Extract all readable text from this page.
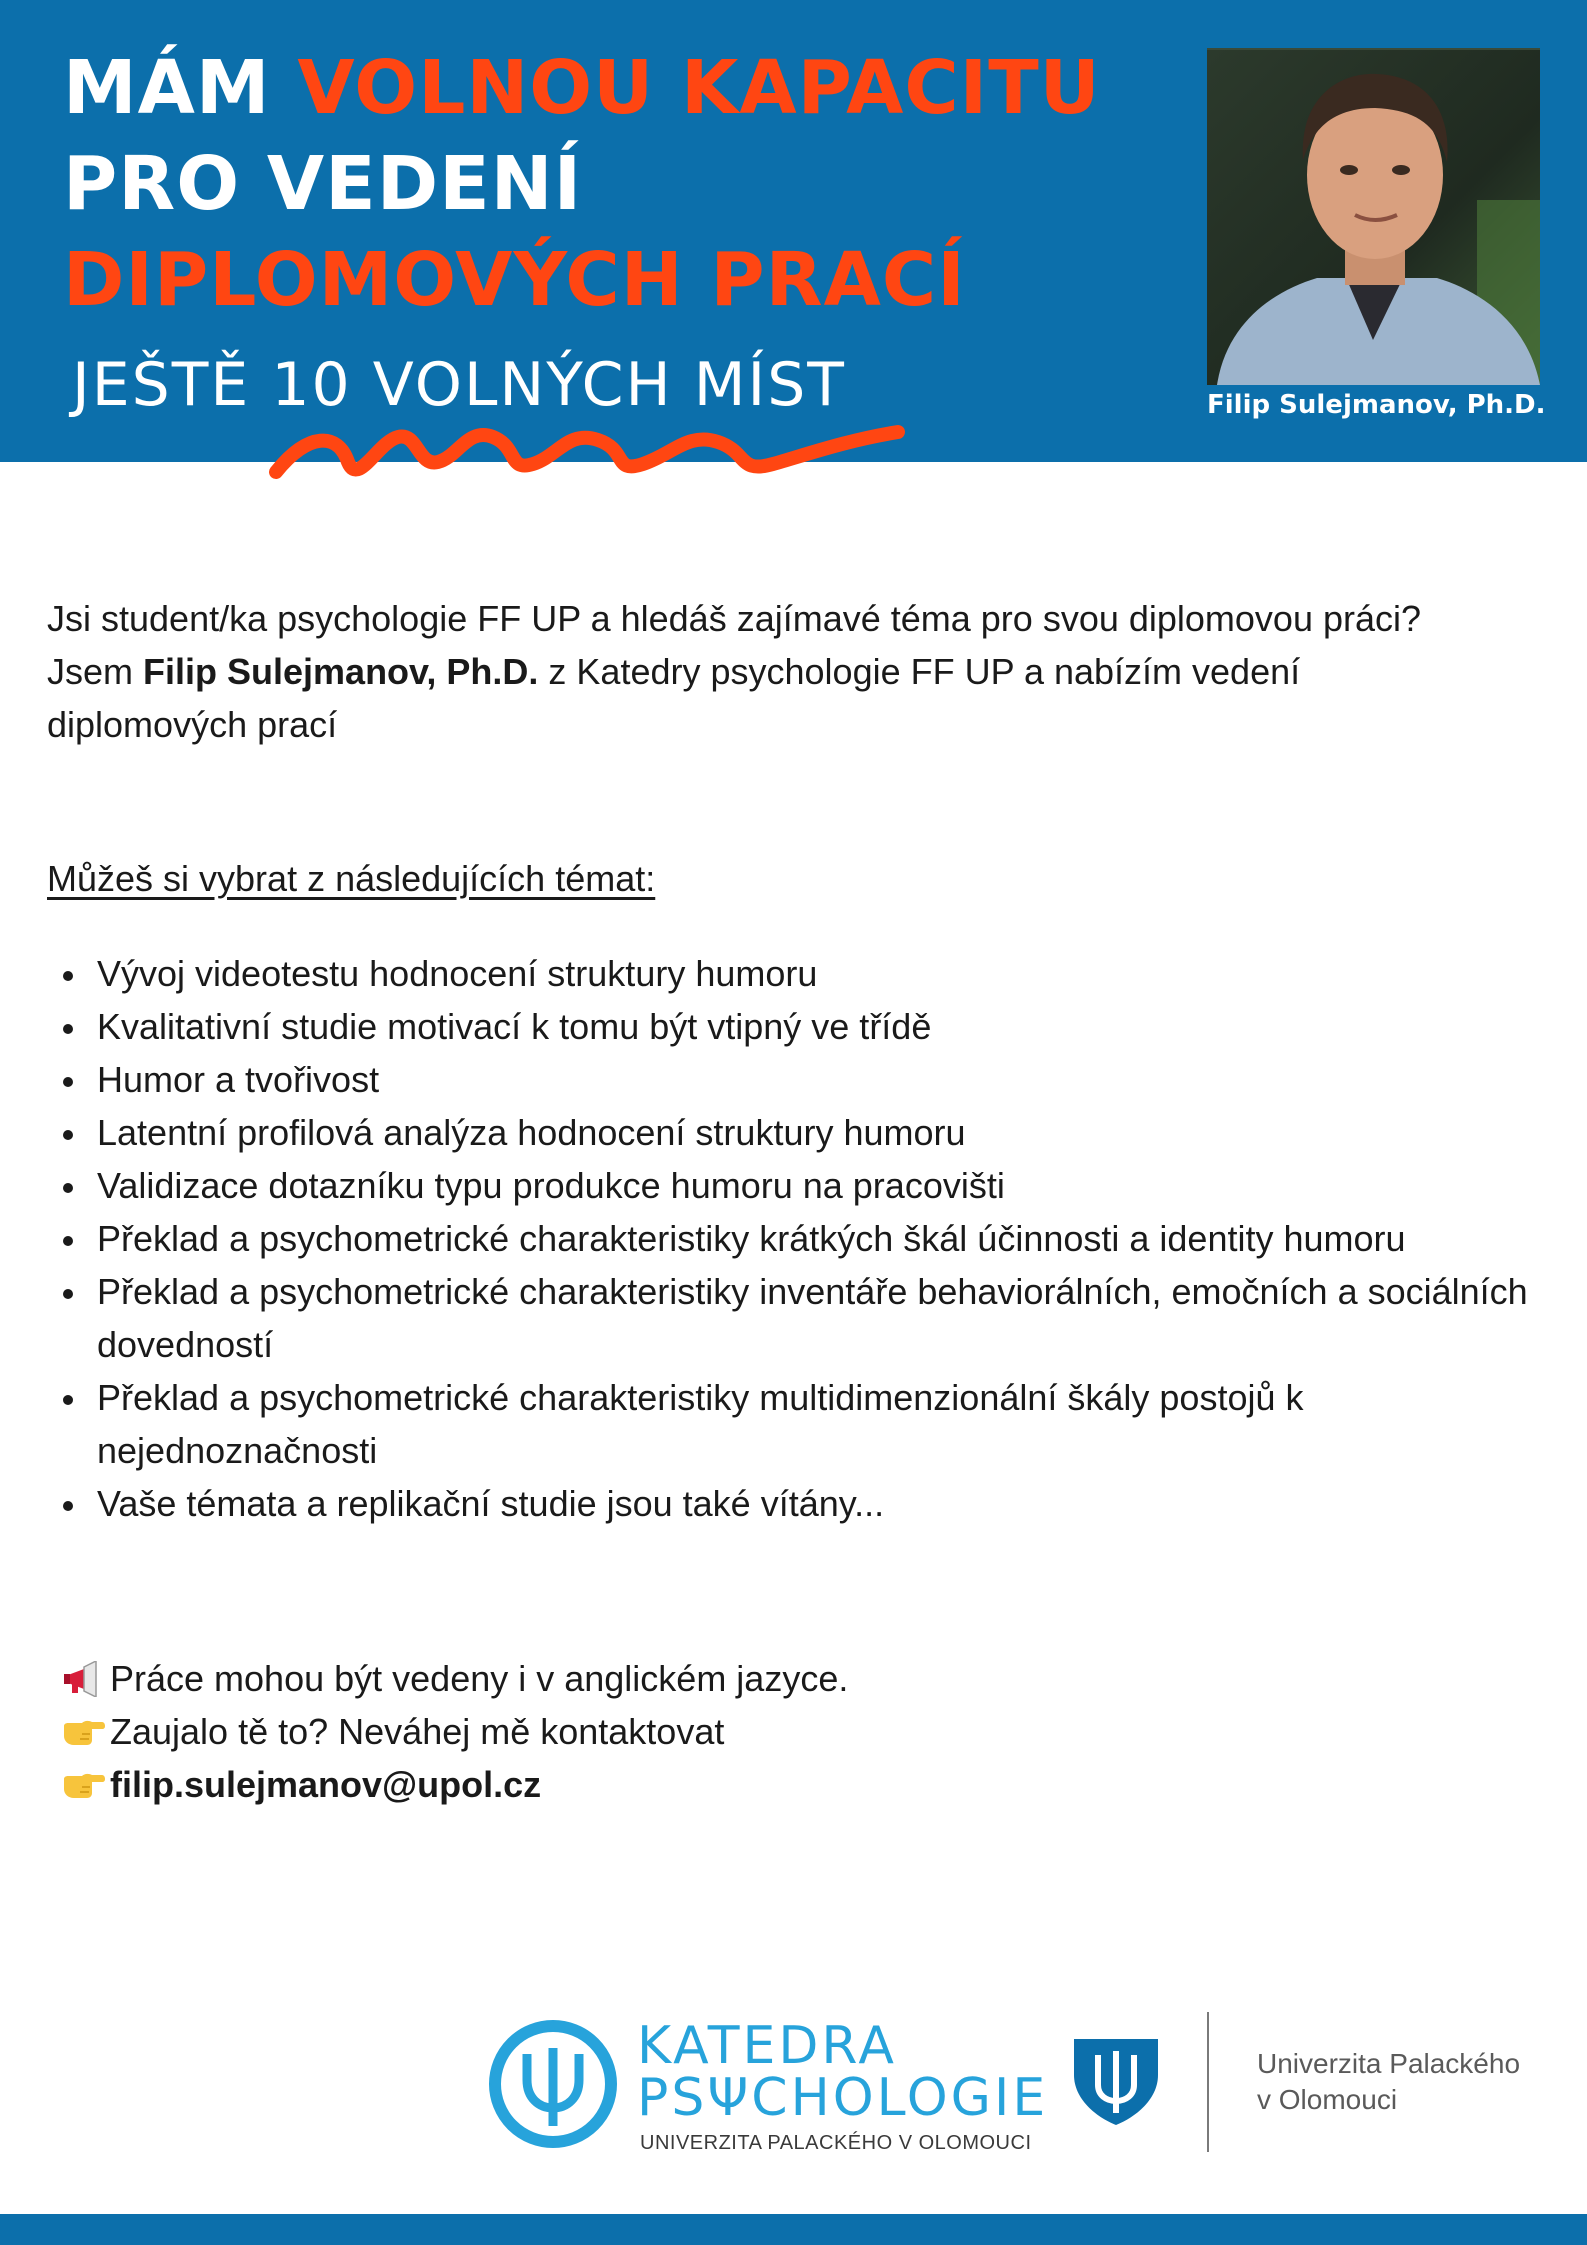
MÁM VOLNOU KAPACITU
PRO VEDENÍ
DIPLOMOVÝCH PRACÍ
JEŠTĚ 10 VOLNÝCH MÍST	Filip Sulejmanov, Ph.D.

Jsi student/ka psychologie FF UP a hledáš zajímavé téma pro svou diplomovou práci?
Jsem Filip Sulejmanov, Ph.D. z Katedry psychologie FF UP a nabízím vedení
diplomových prací

Můžeš si vybrat z následujících témat:
Vývoj videotestu hodnocení struktury humoru
Kvalitativní studie motivací k tomu být vtipný ve třídě
Humor a tvořivost
Latentní profilová analýza hodnocení struktury humoru
Validizace dotazníku typu produkce humoru na pracovišti
Překlad a psychometrické charakteristiky krátkých škál účinnosti a identity humoru
Překlad a psychometrické charakteristiky inventáře behaviorálních, emočních a sociálních dovedností
Překlad a psychometrické charakteristiky multidimenzionální škály postojů k nejednoznačnosti
Vaše témata a replikační studie jsou také vítány...
Práce mohou být vedeny i v anglickém jazyce.
Zaujalo tě to? Neváhej mě kontaktovat
filip.sulejmanov@upol.cz
KATEDRA
PSΨCHOLOGIE
UNIVERZITA PALACKÉHO V OLOMOUCI
Univerzita Palackého
v Olomouci
